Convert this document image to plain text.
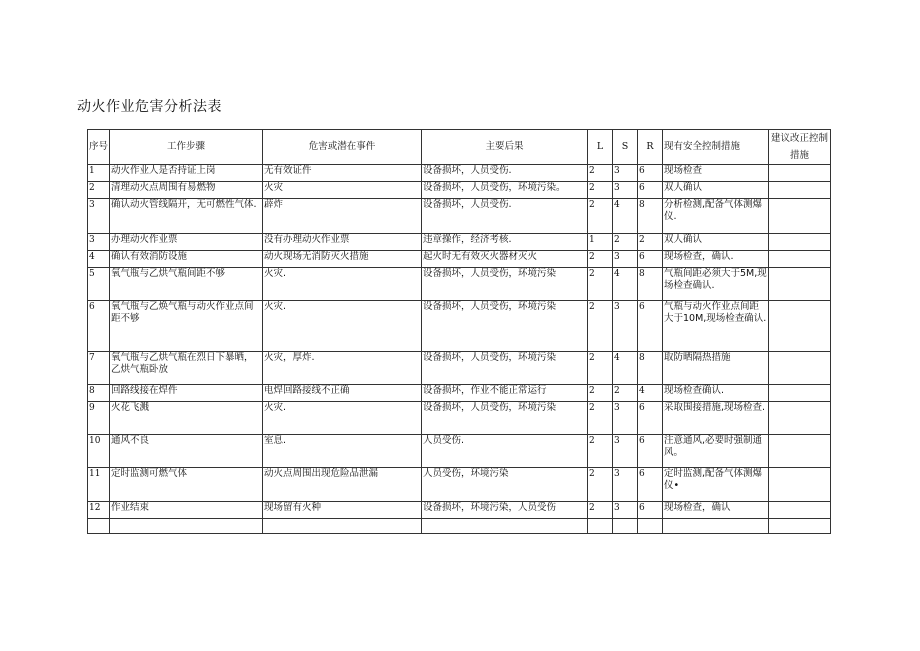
动火作业危害分析法表
序号	工作步骤	危害或潜在事件	主要后果	L	S	R	现有安全控制措施	建议改正控制措施
1	动火作业人是否持证上岗	无有效证件	设备损坏，人员受伤.	2	3	6	现场检查	
2	清理动火点周围有易燃物	火灾	设备损坏，人员受伤，环境污染。	2	3	6	双人确认	
3	确认动火管线隔开，无可燃性气体.	薜炸	设备损坏，人员受伤.	2	4	8	分析检测,配备气体测爆仪.	
3	办理动火作业票	没有办理动火作业票	违章操作，经济考核.	1	2	2	双人确认	
4	确认有效消防设施	动火现场无消防灭火措施	起火时无有效灭火器材灭火	2	3	6	现场检查，确认.	
5	氧气瓶与乙烘气瓶间距不够	火灾.	设备损坏，人员受伤，环境污染	2	4	8	气瓶间距必须大于5M,现场检查确认.	
6	氧气瓶与乙焕气瓶与动火作业点间距不够	火灾.	设备损坏，人员受伤，环境污染	2	3	6	气瓶与动火作业点间距大于10M,现场检查确认.	
7	氧气瓶与乙烘气瓶在烈日下暴晒，乙烘气瓶卧放	火灾，厚炸.	设备损坏，人员受伤，环境污染	2	4	8	取防晒隔热措施	
8	回路线接在焊件	电焊回路接线不正确	设备损坏，作业不能正常运行	2	2	4	现场检查确认.	
9	火花飞溅	火灾.	设备损坏，人员受伤，环境污染	2	3	6	采取围接措施,现场检查.	
10	通风不良	室息.	人员受伤.	2	3	6	注意通风,必要时强制通风。	
11	定时监测可燃气体	动火点周围出现危险品泄漏	人员受伤，环境污染	2	3	6	定时监测,配备气体测爆仪•	
12	作业结束	现场留有火种	设备损坏，环境污染，人员受伤	2	3	6	现场检查，确认	
